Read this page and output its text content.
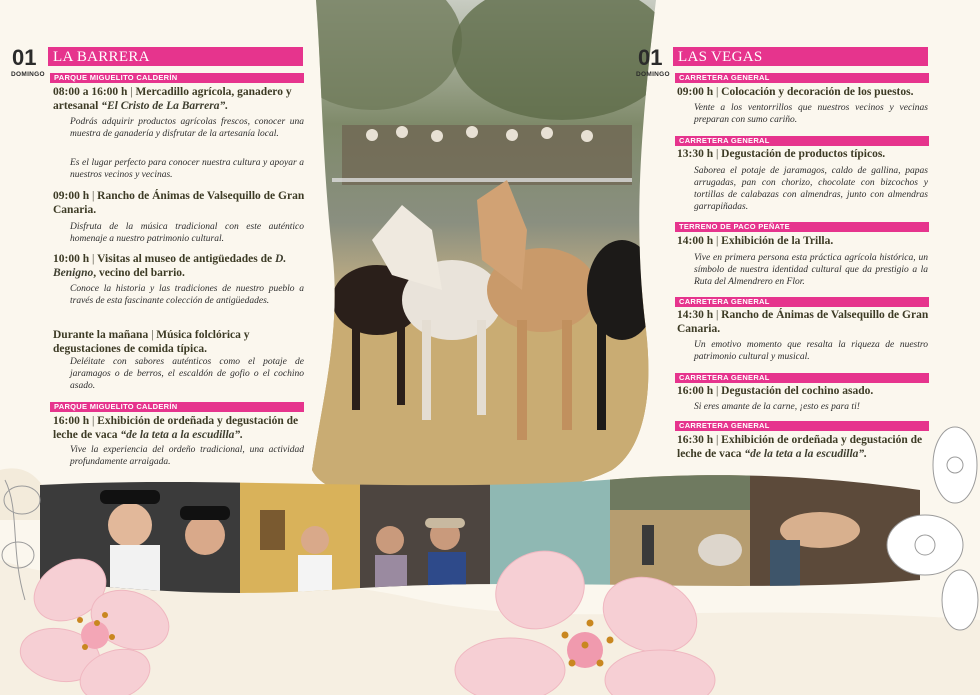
01
DOMINGO
LA BARRERA
PARQUE MIGUELITO CALDERÍN
08:00 a 16:00 h | Mercadillo agrícola, ganadero y artesanal “El Cristo de La Barrera”.
Podrás adquirir productos agrícolas frescos, conocer una muestra de ganadería y disfrutar de la artesanía local.
Es el lugar perfecto para conocer nuestra cultura y apoyar a nuestros vecinos y vecinas.
09:00 h | Rancho de Ánimas de Valsequillo de Gran Canaria.
Disfruta de la música tradicional con este auténtico homenaje a nuestro patrimonio cultural.
10:00 h | Visitas al museo de antigüedades de D. Benigno, vecino del barrio.
Conoce la historia y las tradiciones de nuestro pueblo a través de esta fascinante colección de antigüedades.
Durante la mañana | Música folclórica y degustaciones de comida típica.
Deléitate con sabores auténticos como el potaje de jaramagos o de berros, el escaldón de gofio o el cochino asado.
PARQUE MIGUELITO CALDERÍN
16:00 h | Exhibición de ordeñada y degustación de leche de vaca “de la teta a la escudilla”.
Vive la experiencia del ordeño tradicional, una actividad profundamente arraigada.
01
DOMINGO
LAS VEGAS
CARRETERA GENERAL
09:00 h | Colocación y decoración de los puestos.
Vente a los ventorrillos que nuestros vecinos y vecinas preparan con sumo cariño.
CARRETERA GENERAL
13:30 h | Degustación de productos típicos.
Saborea el potaje de jaramagos, caldo de gallina, papas arrugadas, pan con chorizo, chocolate con bizcochos y tortillas de calabazas con almendras, junto con almendras garrapiñadas.
TERRENO DE PACO PEÑATE
14:00 h | Exhibición de la Trilla.
Vive en primera persona esta práctica agrícola histórica, un símbolo de nuestra identidad cultural que da prestigio a la Ruta del Almendrero en Flor.
CARRETERA GENERAL
14:30 h | Rancho de Ánimas de Valsequillo de Gran Canaria.
Un emotivo momento que resalta la riqueza de nuestro patrimonio cultural y musical.
CARRETERA GENERAL
16:00 h | Degustación del cochino asado.
Si eres amante de la carne, ¡esto es para ti!
CARRETERA GENERAL
16:30 h | Exhibición de ordeñada y degustación de leche de vaca “de la teta a la escudilla”.
